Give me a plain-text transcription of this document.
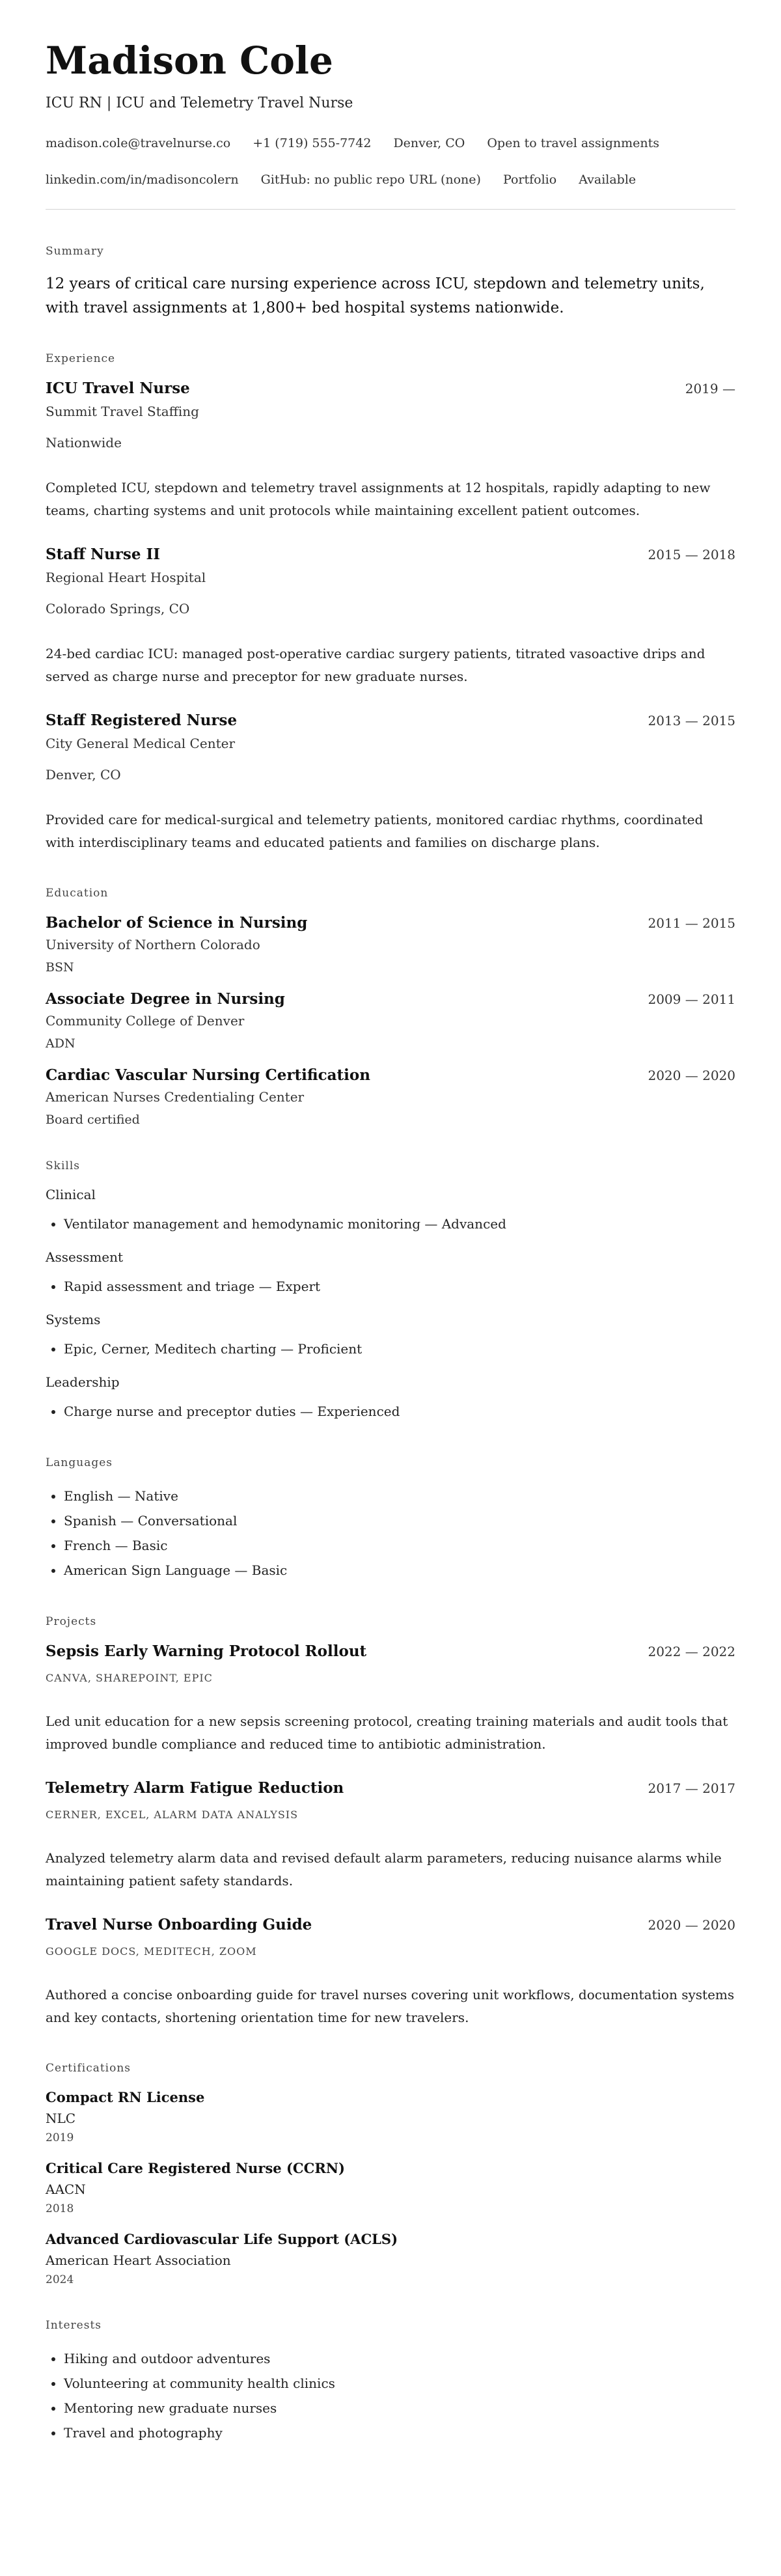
Madison Cole
ICU RN | ICU and Telemetry Travel Nurse
madison.cole@travelnurse.co +1 (719) 555-7742 Denver, CO Open to travel assignments
linkedin.com/in/madisoncolern GitHub: no public repo URL (none) Portfolio Available
Summary

12 years of critical care nursing experience across ICU, stepdown and telemetry units, with travel assignments at 1,800+ bed hospital systems nationwide.

Experience
ICU Travel Nurse	2019 —
Summit Travel Staffing
Nationwide
Completed ICU, stepdown and telemetry travel assignments at 12 hospitals, rapidly adapting to new teams, charting systems and unit protocols while maintaining excellent patient outcomes.
Staff Nurse II	2015 — 2018
Regional Heart Hospital
Colorado Springs, CO
24-bed cardiac ICU: managed post-operative cardiac surgery patients, titrated vasoactive drips and served as charge nurse and preceptor for new graduate nurses.
Staff Registered Nurse	2013 — 2015
City General Medical Center
Denver, CO
Provided care for medical-surgical and telemetry patients, monitored cardiac rhythms, coordinated with interdisciplinary teams and educated patients and families on discharge plans.
Education
Bachelor of Science in Nursing	2011 — 2015
University of Northern Colorado
BSN
Associate Degree in Nursing	2009 — 2011
Community College of Denver
ADN
Cardiac Vascular Nursing Certification	2020 — 2020
American Nurses Credentialing Center
Board certified
Skills
Clinical
• Ventilator management and hemodynamic monitoring — Advanced
Assessment
• Rapid assessment and triage — Expert
Systems
• Epic, Cerner, Meditech charting — Proficient
Leadership
• Charge nurse and preceptor duties — Experienced
Languages
• English — Native
• Spanish — Conversational
• French — Basic
• American Sign Language — Basic
Projects
Sepsis Early Warning Protocol Rollout	2022 — 2022
CANVA, SHAREPOINT, EPIC
Led unit education for a new sepsis screening protocol, creating training materials and audit tools that improved bundle compliance and reduced time to antibiotic administration.
Telemetry Alarm Fatigue Reduction	2017 — 2017
CERNER, EXCEL, ALARM DATA ANALYSIS
Analyzed telemetry alarm data and revised default alarm parameters, reducing nuisance alarms while maintaining patient safety standards.
Travel Nurse Onboarding Guide	2020 — 2020
GOOGLE DOCS, MEDITECH, ZOOM
Authored a concise onboarding guide for travel nurses covering unit workflows, documentation systems and key contacts, shortening orientation time for new travelers.
Certifications
Compact RN License
NLC
2019
Critical Care Registered Nurse (CCRN)
AACN
2018
Advanced Cardiovascular Life Support (ACLS)
American Heart Association
2024
Interests
• Hiking and outdoor adventures
• Volunteering at community health clinics
• Mentoring new graduate nurses
• Travel and photography
